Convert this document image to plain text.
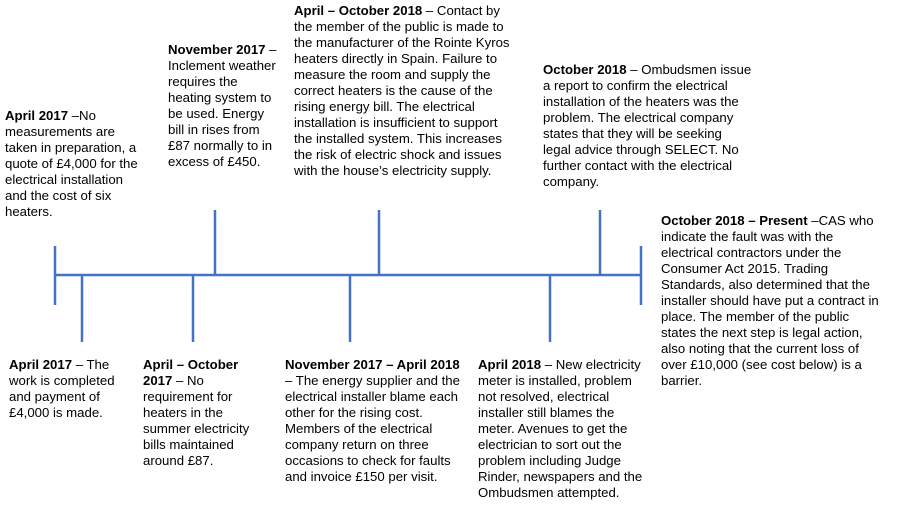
April 2017 –No
measurements are
taken in preparation, a
quote of £4,000 for the
electrical installation
and the cost of six
heaters.

April 2017 – The
work is completed
and payment of
£4,000 is made.

April – October
2017 – No
requirement for
heaters in the
summer electricity
bills maintained
around £87.

November 2017 –
Inclement weather
requires the
heating system to
be used. Energy
bill in rises from
£87 normally to in
excess of £450.

November 2017 – April 2018
– The energy supplier and the
electrical installer blame each
other for the rising cost.
Members of the electrical
company return on three
occasions to check for faults
and invoice £150 per visit.

April – October 2018 – Contact by
the member of the public is made to
the manufacturer of the Rointe Kyros
heaters directly in Spain. Failure to
measure the room and supply the
correct heaters is the cause of the
rising energy bill. The electrical
installation is insufficient to support
the installed system. This increases
the risk of electric shock and issues
with the house’s electricity supply.

April 2018 – New electricity
meter is installed, problem
not resolved, electrical
installer still blames the
meter. Avenues to get the
electrician to sort out the
problem including Judge
Rinder, newspapers and the
Ombudsmen attempted.

October 2018 – Ombudsmen issue
a report to confirm the electrical
installation of the heaters was the
problem. The electrical company
states that they will be seeking
legal advice through SELECT. No
further contact with the electrical
company.

October 2018 – Present –CAS who
indicate the fault was with the
electrical contractors under the
Consumer Act 2015. Trading
Standards, also determined that the
installer should have put a contract in
place. The member of the public
states the next step is legal action,
also noting that the current loss of
over £10,000 (see cost below) is a
barrier.
